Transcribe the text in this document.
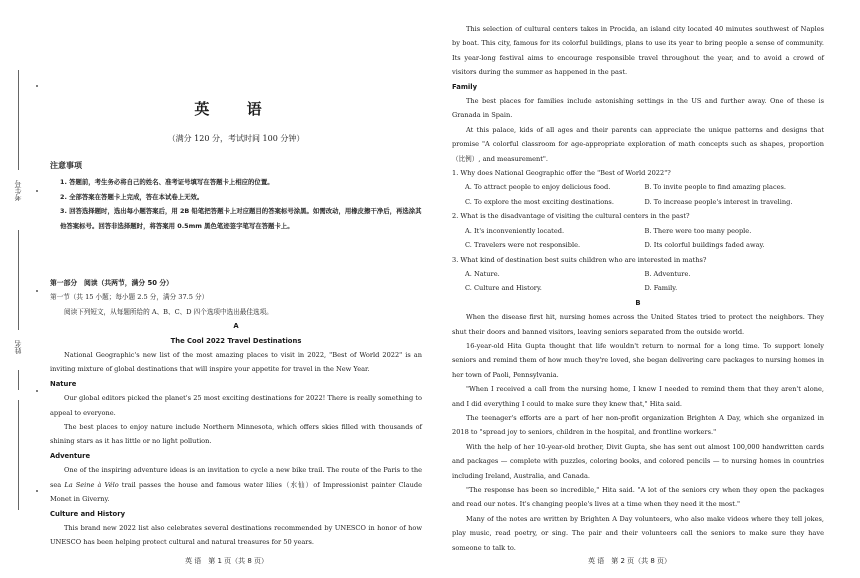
考生号
姓名
英 语
（满分 120 分，考试时间 100 分钟）
注意事项
1. 答题前，考生务必将自己的姓名、准考证号填写在答题卡上相应的位置。
2. 全部答案在答题卡上完成，答在本试卷上无效。
3. 回答选择题时，选出每小题答案后，用 2B 铅笔把答题卡上对应题目的答案标号涂黑。如需改动，用橡皮擦干净后，再选涂其他答案标号。回答非选择题时，将答案用 0.5mm 黑色笔迹签字笔写在答题卡上。

第一部分　阅读（共两节，满分 50 分）

第一节（共 15 小题；每小题 2.5 分，满分 37.5 分）

阅读下列短文，从每题所给的 A、B、C、D 四个选项中选出最佳选项。

A

The Cool 2022 Travel Destinations

National Geographic's new list of the most amazing places to visit in 2022, "Best of World 2022" is an inviting mixture of global destinations that will inspire your appetite for travel in the New Year.

Nature

Our global editors picked the planet's 25 most exciting destinations for 2022! There is really something to appeal to everyone.

The best places to enjoy nature include Northern Minnesota, which offers skies filled with thousands of shining stars as it has little or no light pollution.

Adventure

One of the inspiring adventure ideas is an invitation to cycle a new bike trail. The route of the Paris to the sea La Seine à Vélo trail passes the house and famous water lilies（水仙）of Impressionist painter Claude Monet in Giverny.

Culture and History

This brand new 2022 list also celebrates several destinations recommended by UNESCO in honor of how UNESCO has been helping protect cultural and natural treasures for 50 years.

英 语　第 1 页（共 8 页）

This selection of cultural centers takes in Procida, an island city located 40 minutes southwest of Naples by boat. This city, famous for its colorful buildings, plans to use its year to bring people a sense of community. Its year-long festival aims to encourage responsible travel throughout the year, and to avoid a crowd of visitors during the summer as happened in the past.

Family

The best places for families include astonishing settings in the US and further away. One of these is Granada in Spain.

At this palace, kids of all ages and their parents can appreciate the unique patterns and designs that promise "A colorful classroom for age-appropriate exploration of math concepts such as shapes, proportion（比例）, and measurement".

1. Why does National Geographic offer the "Best of World 2022"?

A. To attract people to enjoy delicious food.	B. To invite people to find amazing places.
C. To explore the most exciting destinations.	D. To increase people's interest in traveling.

2. What is the disadvantage of visiting the cultural centers in the past?

A. It's inconveniently located.	B. There were too many people.
C. Travelers were not responsible.	D. Its colorful buildings faded away.

3. What kind of destination best suits children who are interested in maths?

A. Nature.	B. Adventure.
C. Culture and History.	D. Family.

B

When the disease first hit, nursing homes across the United States tried to protect the neighbors. They shut their doors and banned visitors, leaving seniors separated from the outside world.

16-year-old Hita Gupta thought that life wouldn't return to normal for a long time. To support lonely seniors and remind them of how much they're loved, she began delivering care packages to nursing homes in her town of Paoli, Pennsylvania.

"When I received a call from the nursing home, I knew I needed to remind them that they aren't alone, and I did everything I could to make sure they knew that," Hita said.

The teenager's efforts are a part of her non-profit organization Brighten A Day, which she organized in 2018 to "spread joy to seniors, children in the hospital, and frontline workers."

With the help of her 10-year-old brother, Divit Gupta, she has sent out almost 100,000 handwritten cards and packages — complete with puzzles, coloring books, and colored pencils — to nursing homes in countries including Ireland, Australia, and Canada.

"The response has been so incredible," Hita said. "A lot of the seniors cry when they open the packages and read our notes. It's changing people's lives at a time when they need it the most."

Many of the notes are written by Brighten A Day volunteers, who also make videos where they tell jokes, play music, read poetry, or sing. The pair and their volunteers call the seniors to make sure they have someone to talk to.

英 语　第 2 页（共 8 页）
